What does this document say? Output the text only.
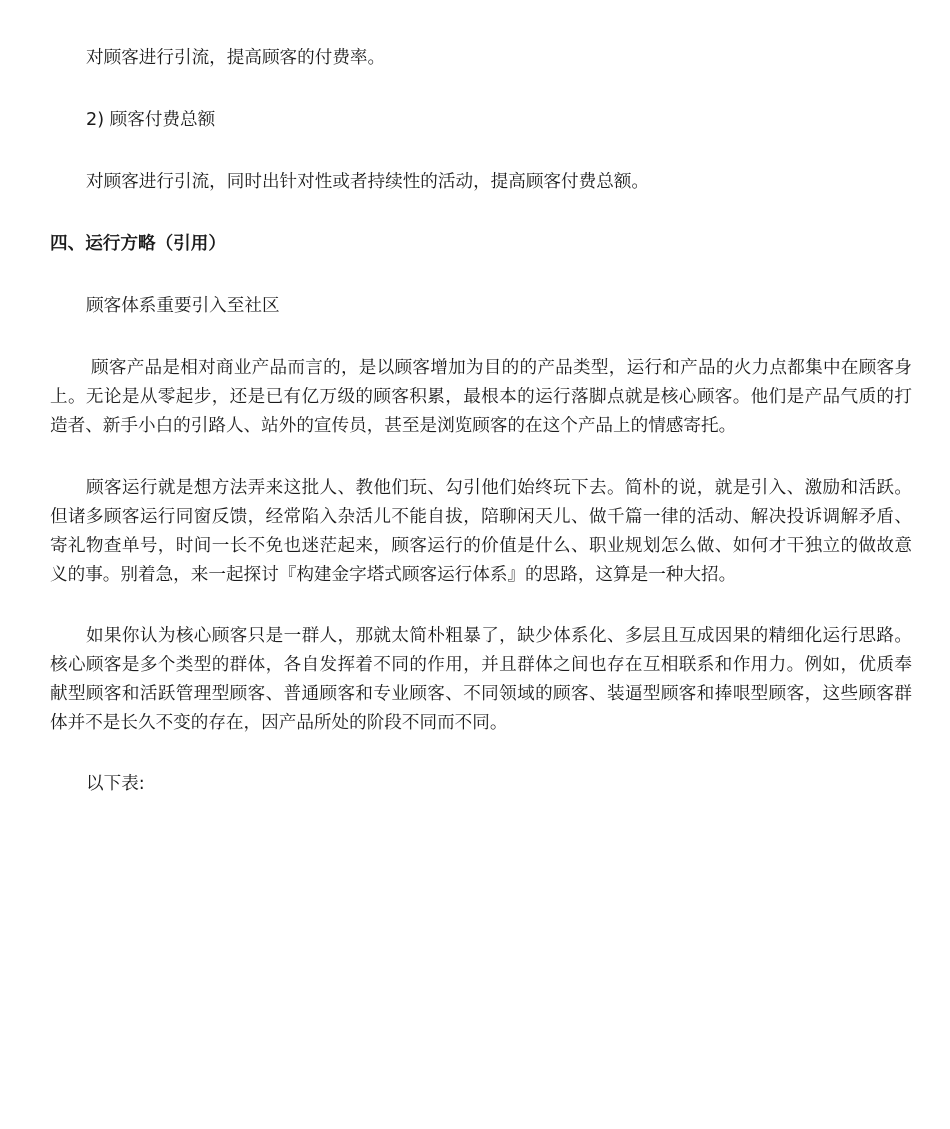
对顾客进行引流，提高顾客的付费率。

2) 顾客付费总额

对顾客进行引流，同时出针对性或者持续性的活动，提高顾客付费总额。

四、运行方略（引用）

顾客体系重要引入至社区

顾客产品是相对商业产品而言的，是以顾客增加为目的的产品类型，运行和产品的火力点都集中在顾客身上。无论是从零起步，还是已有亿万级的顾客积累，最根本的运行落脚点就是核心顾客。他们是产品气质的打造者、新手小白的引路人、站外的宣传员，甚至是浏览顾客的在这个产品上的情感寄托。

顾客运行就是想方法弄来这批人、教他们玩、勾引他们始终玩下去。简朴的说，就是引入、激励和活跃。但诸多顾客运行同窗反馈，经常陷入杂活儿不能自拔，陪聊闲天儿、做千篇一律的活动、解决投诉调解矛盾、寄礼物查单号，时间一长不免也迷茫起来，顾客运行的价值是什么、职业规划怎么做、如何才干独立的做故意义的事。别着急，来一起探讨『构建金字塔式顾客运行体系』的思路，这算是一种大招。

如果你认为核心顾客只是一群人，那就太简朴粗暴了，缺少体系化、多层且互成因果的精细化运行思路。核心顾客是多个类型的群体，各自发挥着不同的作用，并且群体之间也存在互相联系和作用力。例如，优质奉献型顾客和活跃管理型顾客、普通顾客和专业顾客、不同领域的顾客、装逼型顾客和捧哏型顾客，这些顾客群体并不是长久不变的存在，因产品所处的阶段不同而不同。

以下表:
